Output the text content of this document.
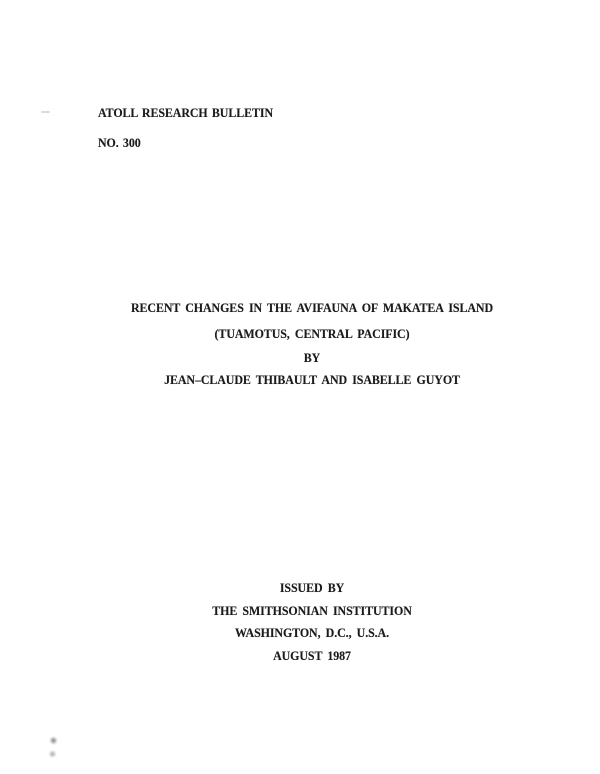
ATOLL RESEARCH BULLETIN
NO. 300
RECENT CHANGES IN THE AVIFAUNA OF MAKATEA ISLAND
(TUAMOTUS, CENTRAL PACIFIC)
BY
JEAN–CLAUDE THIBAULT AND ISABELLE GUYOT
ISSUED BY
THE SMITHSONIAN INSTITUTION
WASHINGTON, D.C., U.S.A.
AUGUST 1987
